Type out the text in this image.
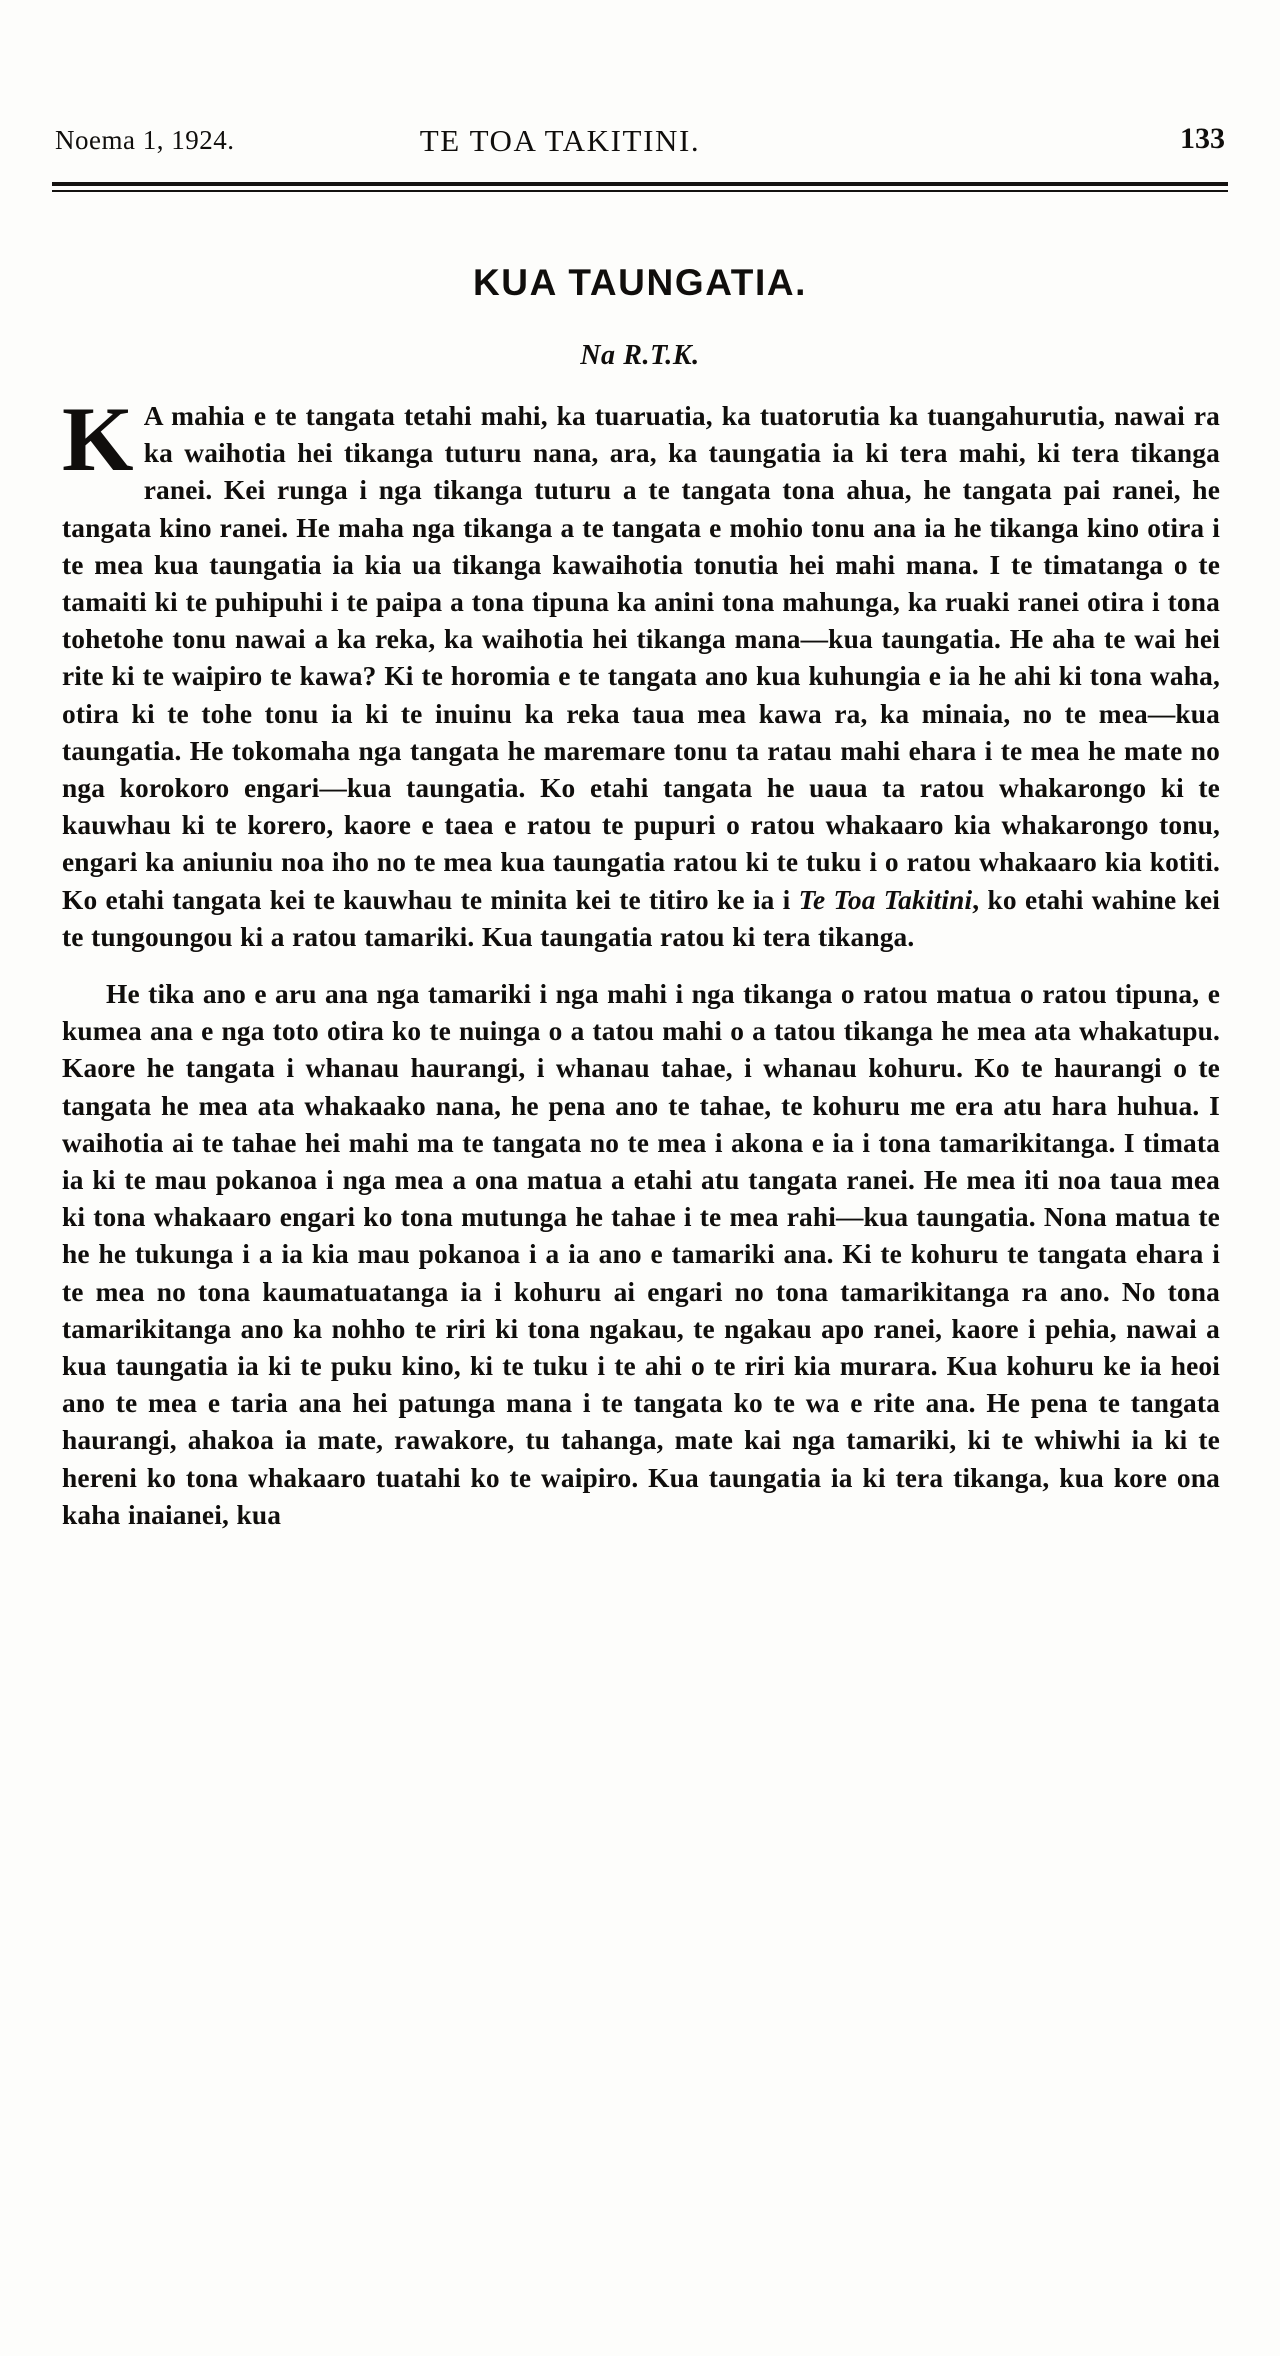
Noema 1, 1924.	TE TOA TAKITINI.	133
KUA TAUNGATIA.
Na R.T.K.

K A mahia e te tangata tetahi mahi, ka tuaruatia, ka tuatorutia ka tuangahurutia, nawai ra ka waihotia hei tikanga tuturu nana, ara, ka taungatia ia ki tera mahi, ki tera tikanga ranei. Kei runga i nga tikanga tuturu a te tangata tona ahua, he tangata pai ranei, he tangata kino ranei. He maha nga tikanga a te tangata e mohio tonu ana ia he tikanga kino otira i te mea kua taungatia ia kia ua tikanga kawaihotia tonutia hei mahi mana. I te timatanga o te tamaiti ki te puhipuhi i te paipa a tona tipuna ka anini tona mahunga, ka ruaki ranei otira i tona tohetohe tonu nawai a ka reka, ka waihotia hei tikanga mana—kua taungatia. He aha te wai hei rite ki te waipiro te kawa? Ki te horomia e te tangata ano kua kuhungia e ia he ahi ki tona waha, otira ki te tohe tonu ia ki te inuinu ka reka taua mea kawa ra, ka minaia, no te mea—kua taungatia. He tokomaha nga tangata he maremare tonu ta ratau mahi ehara i te mea he mate no nga korokoro engari—kua taungatia. Ko etahi tangata he uaua ta ratou whakarongo ki te kauwhau ki te korero, kaore e taea e ratou te pupuri o ratou whakaaro kia whakarongo tonu, engari ka aniuniu noa iho no te mea kua taungatia ratou ki te tuku i o ratou whakaaro kia kotiti. Ko etahi tangata kei te kauwhau te minita kei te titiro ke ia i Te Toa Takitini, ko etahi wahine kei te tungoungou ki a ratou tamariki. Kua taungatia ratou ki tera tikanga.

He tika ano e aru ana nga tamariki i nga mahi i nga tikanga o ratou matua o ratou tipuna, e kumea ana e nga toto otira ko te nuinga o a tatou mahi o a tatou tikanga he mea ata whakatupu. Kaore he tangata i whanau haurangi, i whanau tahae, i whanau kohuru. Ko te haurangi o te tangata he mea ata whakaako nana, he pena ano te tahae, te kohuru me era atu hara huhua. I waihotia ai te tahae hei mahi ma te tangata no te mea i akona e ia i tona tamarikitanga. I timata ia ki te mau pokanoa i nga mea a ona matua a etahi atu tangata ranei. He mea iti noa taua mea ki tona whakaaro engari ko tona mutunga he tahae i te mea rahi—kua taungatia. Nona matua te he he tukunga i a ia kia mau pokanoa i a ia ano e tamariki ana. Ki te kohuru te tangata ehara i te mea no tona kaumatuatanga ia i kohuru ai engari no tona tamarikitanga ra ano. No tona tamarikitanga ano ka nohho te riri ki tona ngakau, te ngakau apo ranei, kaore i pehia, nawai a kua taungatia ia ki te puku kino, ki te tuku i te ahi o te riri kia murara. Kua kohuru ke ia heoi ano te mea e taria ana hei patunga mana i te tangata ko te wa e rite ana. He pena te tangata haurangi, ahakoa ia mate, rawakore, tu tahanga, mate kai nga tamariki, ki te whiwhi ia ki te hereni ko tona whakaaro tuatahi ko te waipiro. Kua taungatia ia ki tera tikanga, kua kore ona kaha inaianei, kua
